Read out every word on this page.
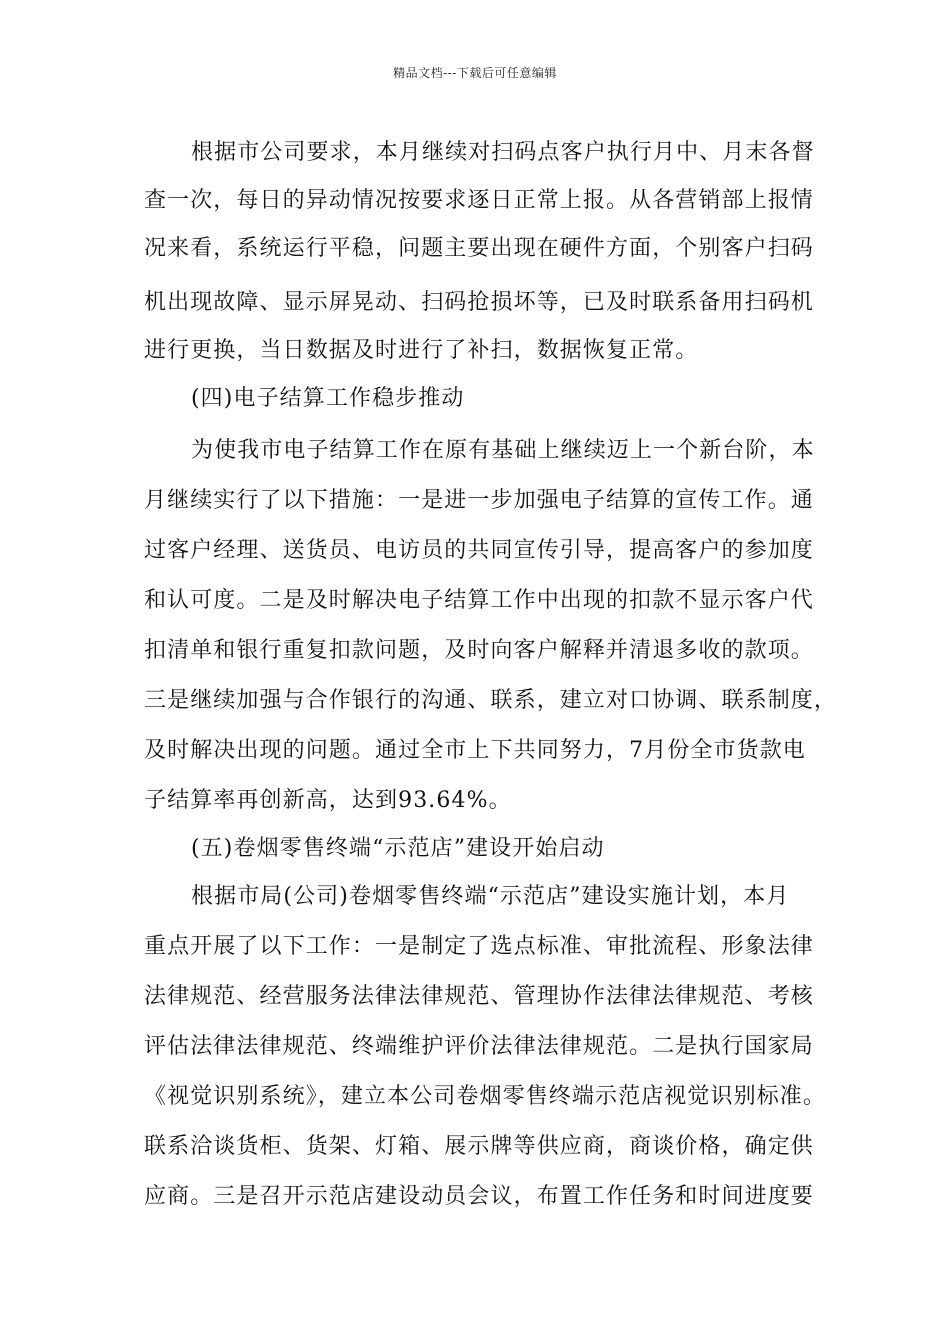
精品文档---下载后可任意编辑
根据市公司要求，本月继续对扫码点客户执行月中、月末各督
查一次，每日的异动情况按要求逐日正常上报。从各营销部上报情
况来看，系统运行平稳，问题主要出现在硬件方面，个别客户扫码
机出现故障、显示屏晃动、扫码抢损坏等，已及时联系备用扫码机
进行更换，当日数据及时进行了补扫，数据恢复正常。
(四)电子结算工作稳步推动
为使我市电子结算工作在原有基础上继续迈上一个新台阶，本
月继续实行了以下措施：一是进一步加强电子结算的宣传工作。通
过客户经理、送货员、电访员的共同宣传引导，提高客户的参加度
和认可度。二是及时解决电子结算工作中出现的扣款不显示客户代
扣清单和银行重复扣款问题，及时向客户解释并清退多收的款项。
三是继续加强与合作银行的沟通、联系，建立对口协调、联系制度，
及时解决出现的问题。通过全市上下共同努力，7月份全市货款电
子结算率再创新高，达到93.64%。
(五)卷烟零售终端“示范店”建设开始启动
根据市局(公司)卷烟零售终端“示范店”建设实施计划，本月
重点开展了以下工作：一是制定了选点标准、审批流程、形象法律
法律规范、经营服务法律法律规范、管理协作法律法律规范、考核
评估法律法律规范、终端维护评价法律法律规范。二是执行国家局
《视觉识别系统》，建立本公司卷烟零售终端示范店视觉识别标准。
联系洽谈货柜、货架、灯箱、展示牌等供应商，商谈价格，确定供
应商。三是召开示范店建设动员会议，布置工作任务和时间进度要
